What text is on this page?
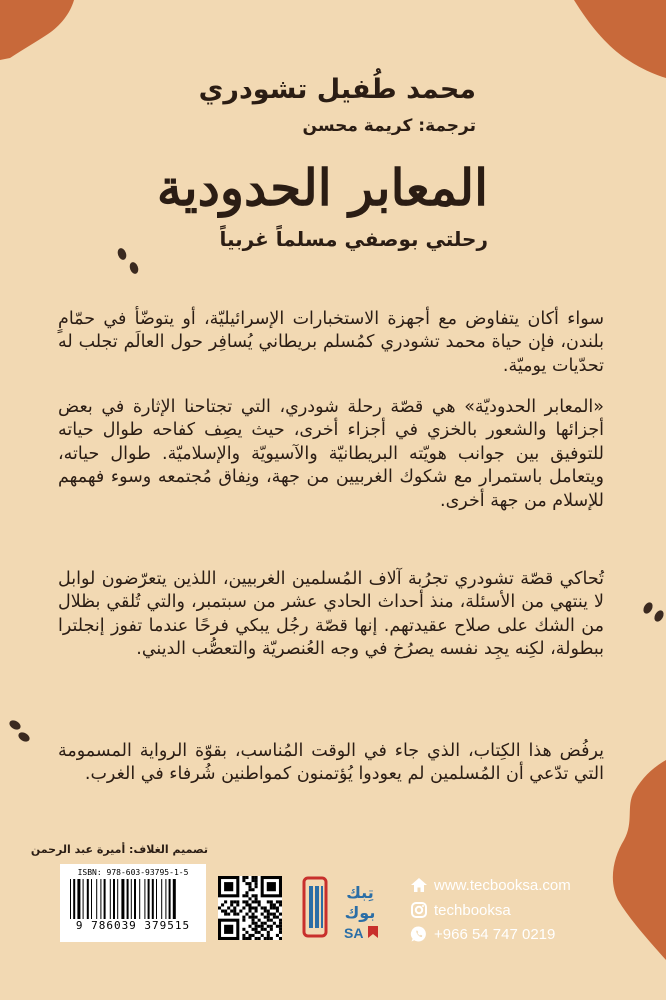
محمد طُفيل تشودري
ترجمة: كريمة محسن
المعابر الحدودية
رحلتي بوصفي مسلماً غربياً

سواء أكان يتفاوض مع أجهزة الاستخبارات الإسرائيليّة، أو يتوضّأ في حمّامٍ بلندن، فإن حياة محمد تشودري كمُسلم بريطاني يُسافِر حول العالَم تجلب له تحدّيات يوميّة.

«المعابر الحدوديّة» هي قصّة رحلة شودري، التي تجتاحنا الإثارة في بعض أجزائها والشعور بالخزي في أجزاء أخرى، حيث يصِف كفاحه طوال حياته للتوفيق بين جوانب هويّته البريطانيّة والآسيويّة والإسلاميّة. طوال حياته، ويتعامل باستمرار مع شكوك الغربيين من جهة، ونِفاق مُجتمعه وسوء فهمهم للإسلام من جهة أخرى.

تُحاكي قصّة تشودري تجرُبة آلاف المُسلمين الغربيين، اللذين يتعرّضون لوابل لا ينتهي من الأسئلة، منذ أحداث الحادي عشر من سبتمبر، والتي تُلقي بظلال من الشك على صلاح عقيدتهم. إنها قصّة رجُل يبكي فرحًا عندما تفوز إنجلترا ببطولة، لكِنه يجِد نفسه يصرُخ في وجه العُنصريّة والتعصُّب الديني.

يرفُض هذا الكِتاب، الذي جاء في الوقت المُناسب، بقوّة الرواية المسمومة التي تدّعي أن المُسلمين لم يعودوا يُؤتمنون كمواطنين شُرفاء في الغرب.

تصميم الغلاف: أميرة عبد الرحمن
ISBN: 978-603-93795-1-5
9 786039 379515
تِبك
بوك
SA
www.tecbooksa.com
techbooksa
+966 54 747 0219
